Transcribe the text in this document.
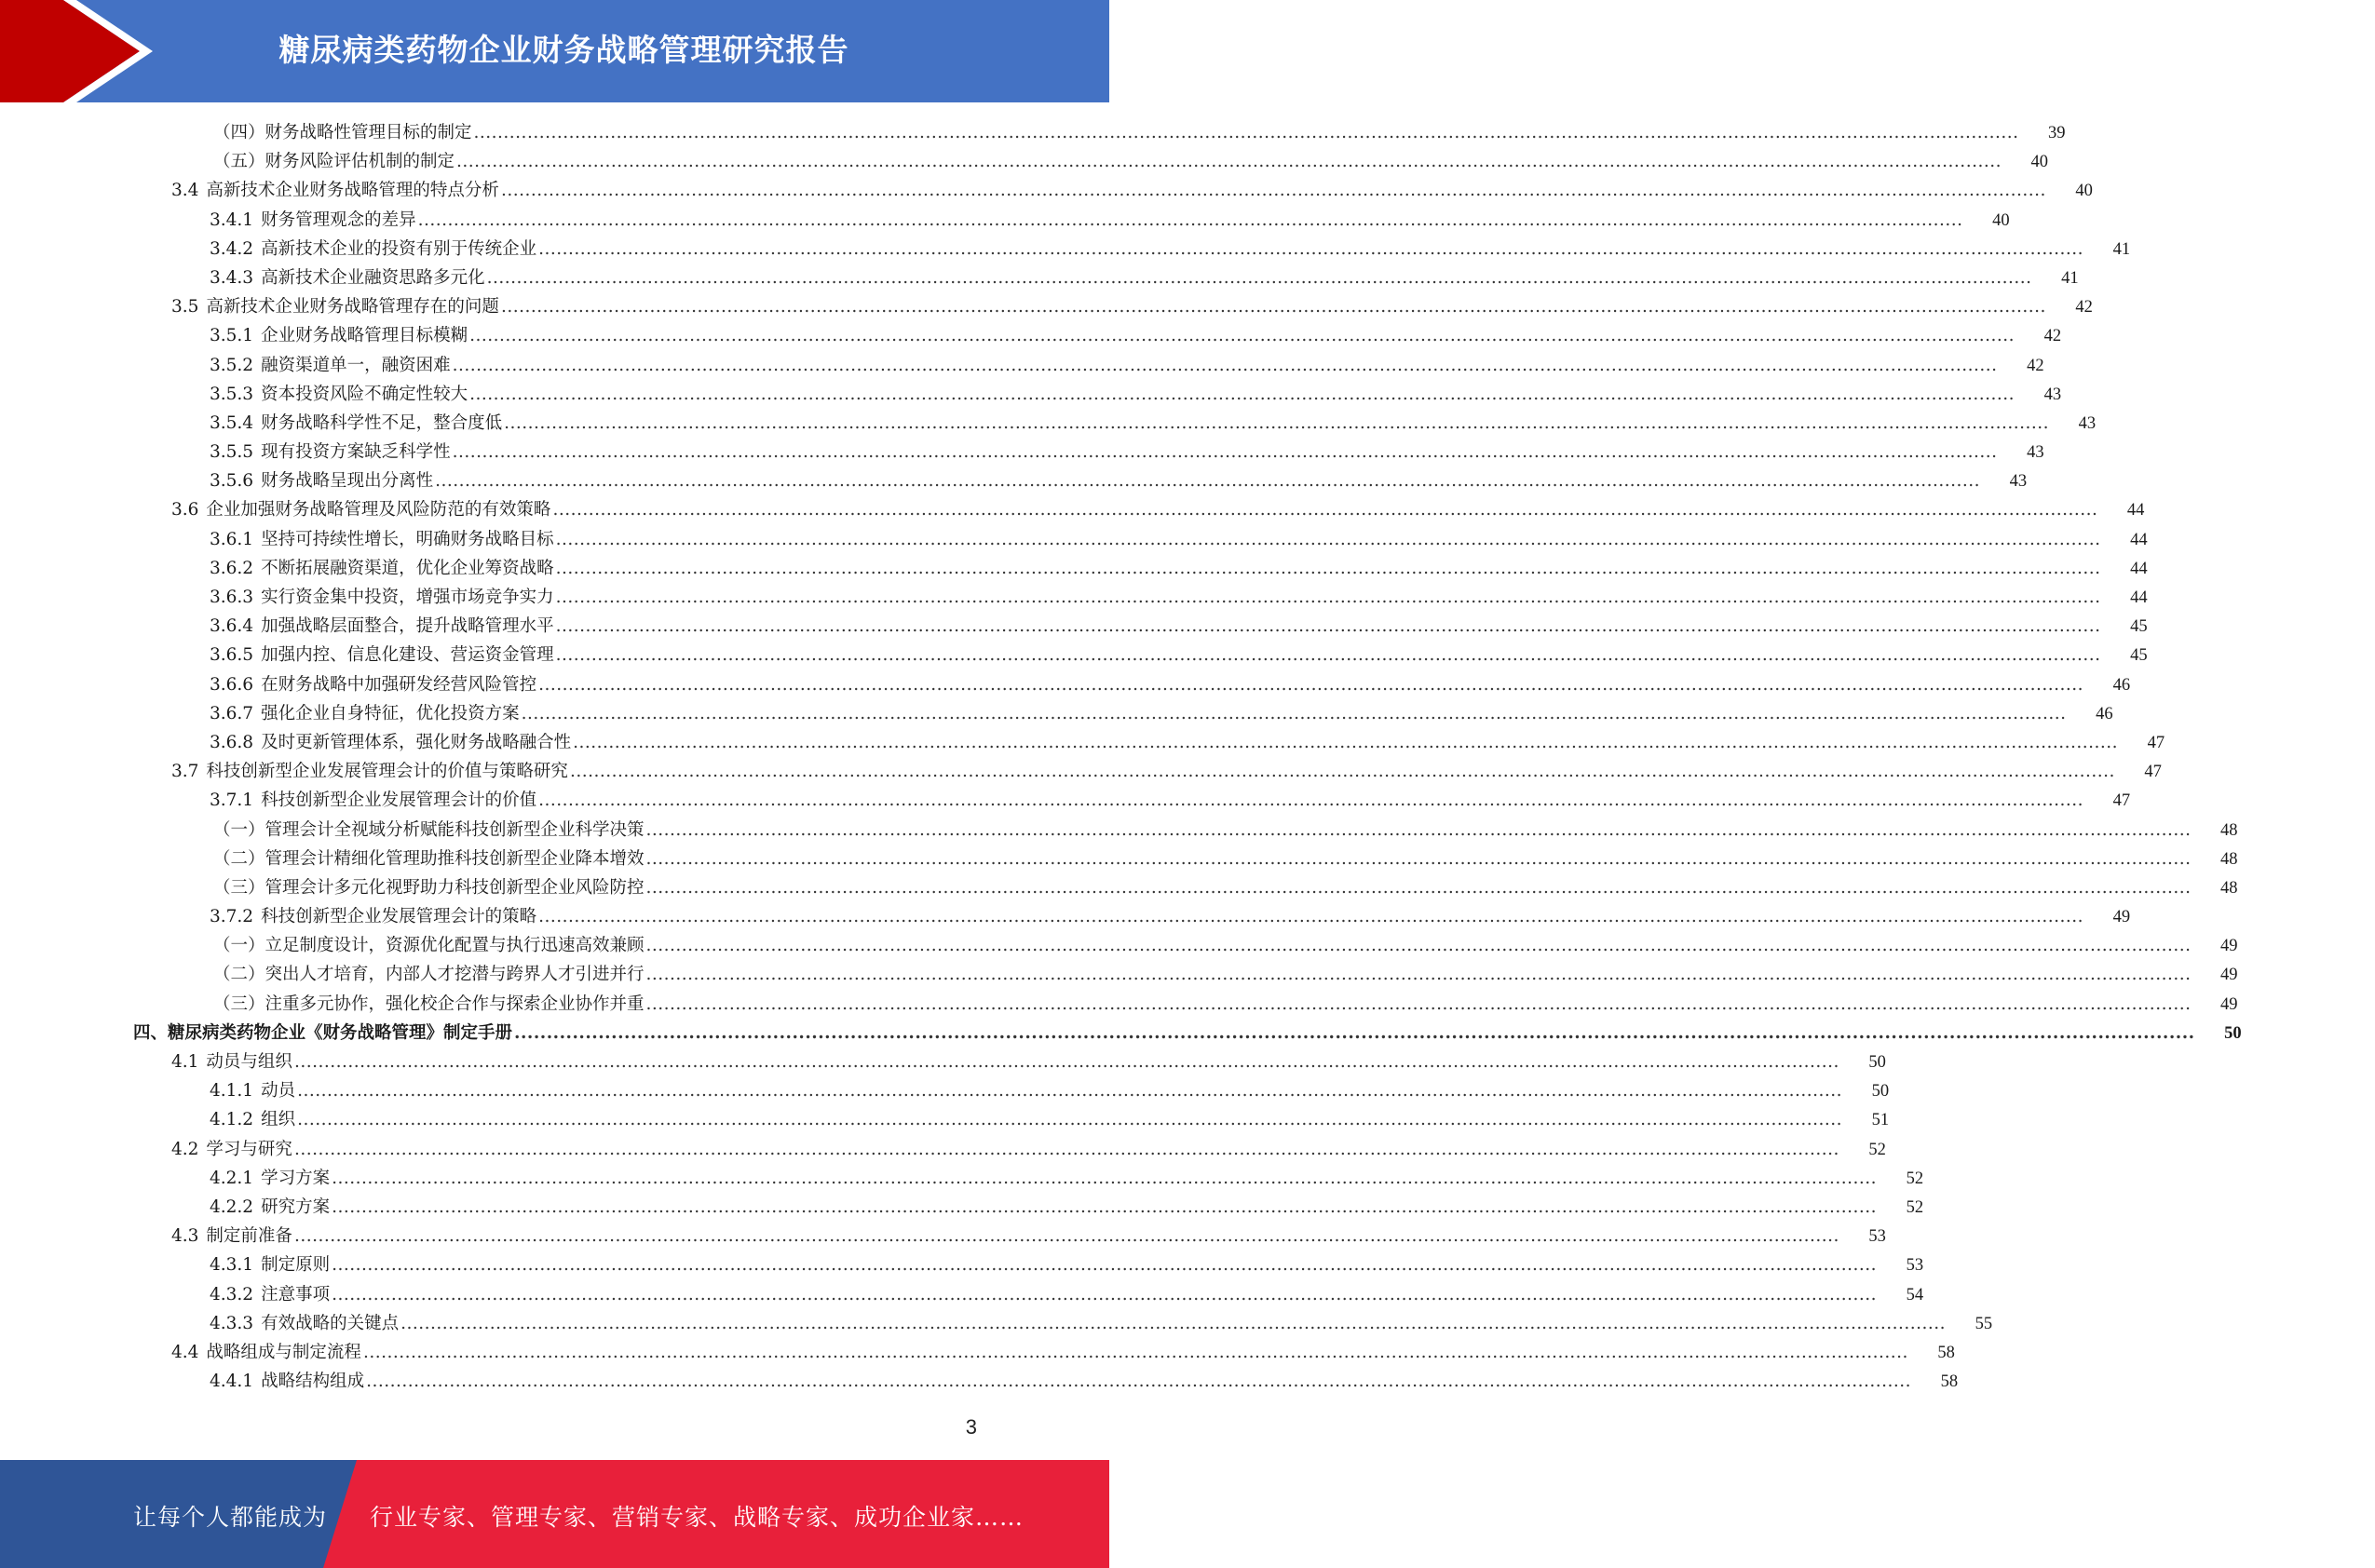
糖尿病类药物企业财务战略管理研究报告
（四）财务战略性管理目标的制定 ....................................................................................................................................................................................................................................................................	39
（五）财务风险评估机制的制定 ....................................................................................................................................................................................................................................................................	40
3.4 高新技术企业财务战略管理的特点分析 ....................................................................................................................................................................................................................................................................	40
3.4.1 财务管理观念的差异 ....................................................................................................................................................................................................................................................................	40
3.4.2 高新技术企业的投资有别于传统企业 ....................................................................................................................................................................................................................................................................	41
3.4.3 高新技术企业融资思路多元化 ....................................................................................................................................................................................................................................................................	41
3.5 高新技术企业财务战略管理存在的问题 ....................................................................................................................................................................................................................................................................	42
3.5.1 企业财务战略管理目标模糊 ....................................................................................................................................................................................................................................................................	42
3.5.2 融资渠道单一，融资困难 ....................................................................................................................................................................................................................................................................	42
3.5.3 资本投资风险不确定性较大 ....................................................................................................................................................................................................................................................................	43
3.5.4 财务战略科学性不足，整合度低 ....................................................................................................................................................................................................................................................................	43
3.5.5 现有投资方案缺乏科学性 ....................................................................................................................................................................................................................................................................	43
3.5.6 财务战略呈现出分离性 ....................................................................................................................................................................................................................................................................	43
3.6 企业加强财务战略管理及风险防范的有效策略 ....................................................................................................................................................................................................................................................................	44
3.6.1 坚持可持续性增长，明确财务战略目标 ....................................................................................................................................................................................................................................................................	44
3.6.2 不断拓展融资渠道，优化企业筹资战略 ....................................................................................................................................................................................................................................................................	44
3.6.3 实行资金集中投资，增强市场竞争实力 ....................................................................................................................................................................................................................................................................	44
3.6.4 加强战略层面整合，提升战略管理水平 ....................................................................................................................................................................................................................................................................	45
3.6.5 加强内控、信息化建设、营运资金管理 ....................................................................................................................................................................................................................................................................	45
3.6.6 在财务战略中加强研发经营风险管控 ....................................................................................................................................................................................................................................................................	46
3.6.7 强化企业自身特征，优化投资方案 ....................................................................................................................................................................................................................................................................	46
3.6.8 及时更新管理体系，强化财务战略融合性 ....................................................................................................................................................................................................................................................................	47
3.7 科技创新型企业发展管理会计的价值与策略研究 ....................................................................................................................................................................................................................................................................	47
3.7.1 科技创新型企业发展管理会计的价值 ....................................................................................................................................................................................................................................................................	47
（一）管理会计全视域分析赋能科技创新型企业科学决策 ....................................................................................................................................................................................................................................................................	48
（二）管理会计精细化管理助推科技创新型企业降本增效 ....................................................................................................................................................................................................................................................................	48
（三）管理会计多元化视野助力科技创新型企业风险防控 ....................................................................................................................................................................................................................................................................	48
3.7.2 科技创新型企业发展管理会计的策略 ....................................................................................................................................................................................................................................................................	49
（一）立足制度设计，资源优化配置与执行迅速高效兼顾 ....................................................................................................................................................................................................................................................................	49
（二）突出人才培育，内部人才挖潜与跨界人才引进并行 ....................................................................................................................................................................................................................................................................	49
（三）注重多元协作，强化校企合作与探索企业协作并重 ....................................................................................................................................................................................................................................................................	49
四、糖尿病类药物企业《财务战略管理》制定手册 ....................................................................................................................................................................................................................................................................	50
4.1 动员与组织 ....................................................................................................................................................................................................................................................................	50
4.1.1 动员 ....................................................................................................................................................................................................................................................................	50
4.1.2 组织 ....................................................................................................................................................................................................................................................................	51
4.2 学习与研究 ....................................................................................................................................................................................................................................................................	52
4.2.1 学习方案 ....................................................................................................................................................................................................................................................................	52
4.2.2 研究方案 ....................................................................................................................................................................................................................................................................	52
4.3 制定前准备 ....................................................................................................................................................................................................................................................................	53
4.3.1 制定原则 ....................................................................................................................................................................................................................................................................	53
4.3.2 注意事项 ....................................................................................................................................................................................................................................................................	54
4.3.3 有效战略的关键点 ....................................................................................................................................................................................................................................................................	55
4.4 战略组成与制定流程 ....................................................................................................................................................................................................................................................................	58
4.4.1 战略结构组成 ....................................................................................................................................................................................................................................................................	58
3
让每个人都能成为 行业专家、管理专家、营销专家、战略专家、成功企业家……
